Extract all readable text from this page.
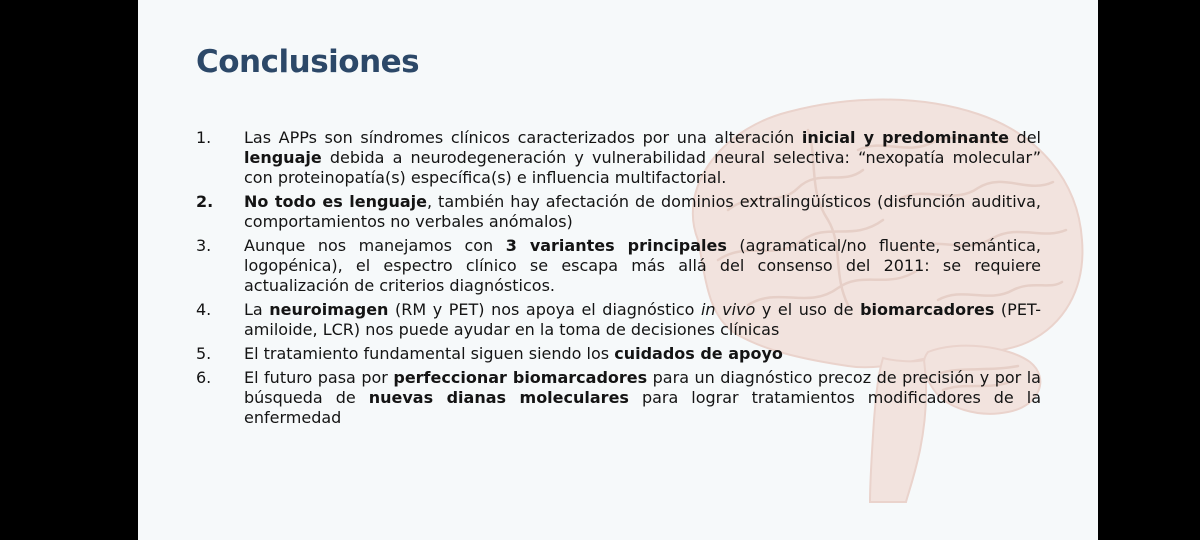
Conclusiones
1.	Las APPs son síndromes clínicos caracterizados por una alteración inicial y predominante del lenguaje debida a neurodegeneración y vulnerabilidad neural selectiva: “nexopatía molecular” con proteinopatía(s) específica(s) e influencia multifactorial.
2.	No todo es lenguaje, también hay afectación de dominios extralingüísticos (disfunción auditiva, comportamientos no verbales anómalos)
3.	Aunque nos manejamos con 3 variantes principales (agramatical/no fluente, semántica, logopénica), el espectro clínico se escapa más allá del consenso del 2011: se requiere actualización de criterios diagnósticos.
4.	La neuroimagen (RM y PET) nos apoya el diagnóstico in vivo y el uso de biomarcadores (PET-amiloide, LCR) nos puede ayudar en la toma de decisiones clínicas
5.	El tratamiento fundamental siguen siendo los cuidados de apoyo
6.	El futuro pasa por perfeccionar biomarcadores para un diagnóstico precoz de precisión y por la búsqueda de nuevas dianas moleculares para lograr tratamientos modificadores de la enfermedad
